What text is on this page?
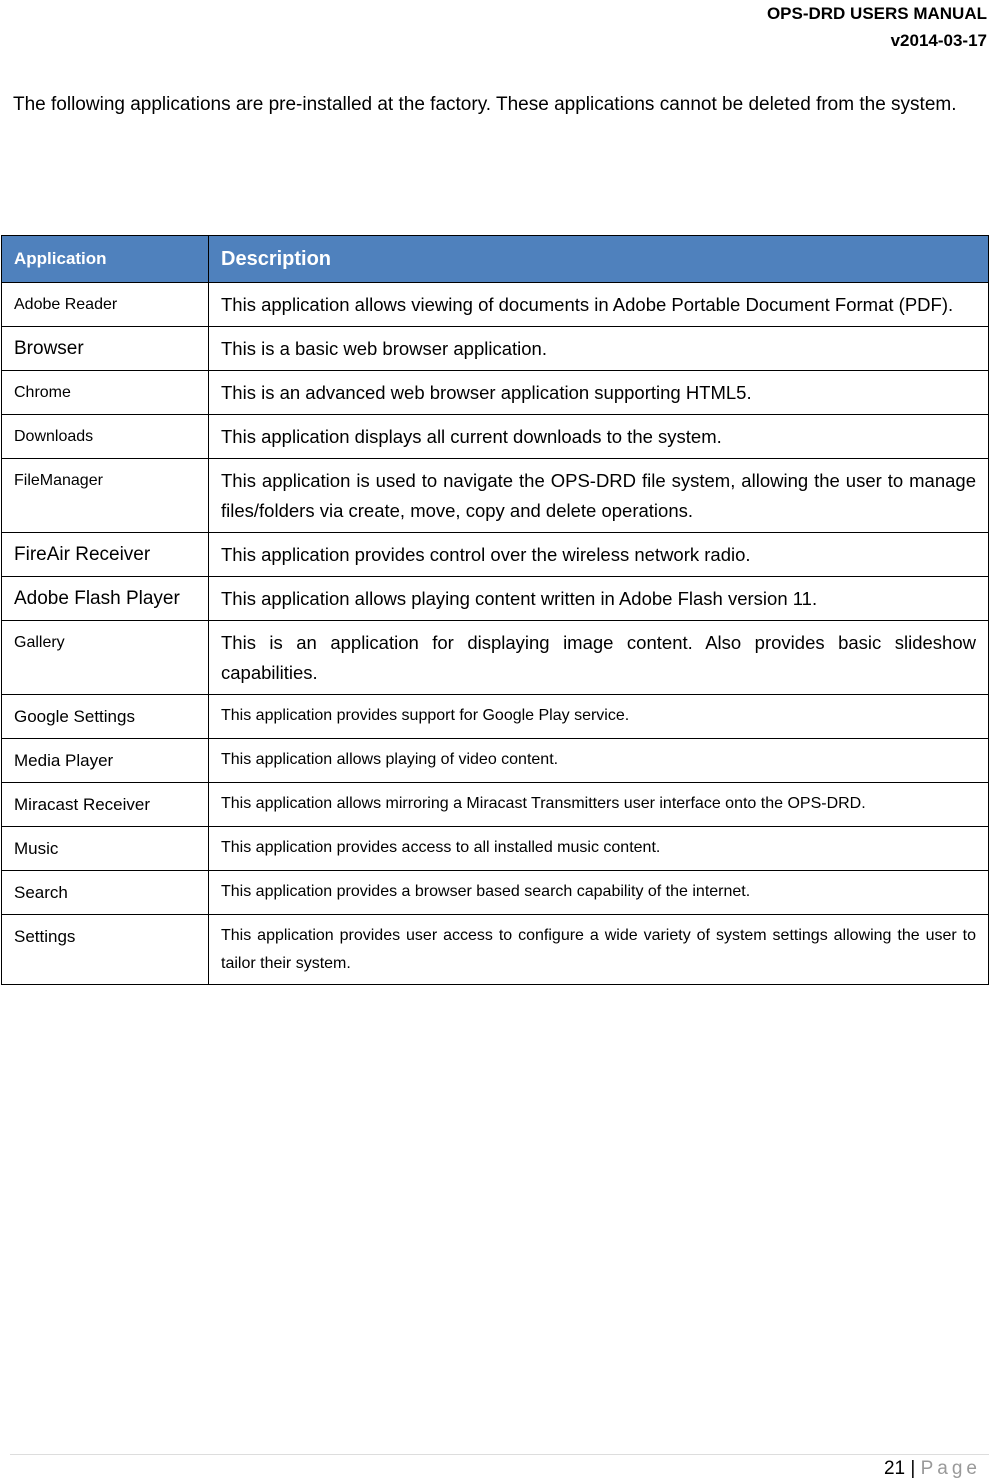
OPS-DRD USERS MANUAL
v2014-03-17
The following applications are pre-installed at the factory. These applications cannot be deleted from the system.
Application	Description
Adobe Reader	This application allows viewing of documents in Adobe Portable Document Format (PDF).
Browser	This is a basic web browser application.
Chrome	This is an advanced web browser application supporting HTML5.
Downloads	This application displays all current downloads to the system.
FileManager	This application is used to navigate the OPS-DRD file system, allowing the user to manage files/folders via create, move, copy and delete operations.
FireAir Receiver	This application provides control over the wireless network radio.
Adobe Flash Player	This application allows playing content written in Adobe Flash version 11.
Gallery	This is an application for displaying image content. Also provides basic slideshow capabilities.
Google Settings	This application provides support for Google Play service.
Media Player	This application allows playing of video content.
Miracast Receiver	This application allows mirroring a Miracast Transmitters user interface onto the OPS-DRD.
Music	This application provides access to all installed music content.
Search	This application provides a browser based search capability of the internet.
Settings	This application provides user access to configure a wide variety of system settings allowing the user to tailor their system.
21 | Page
